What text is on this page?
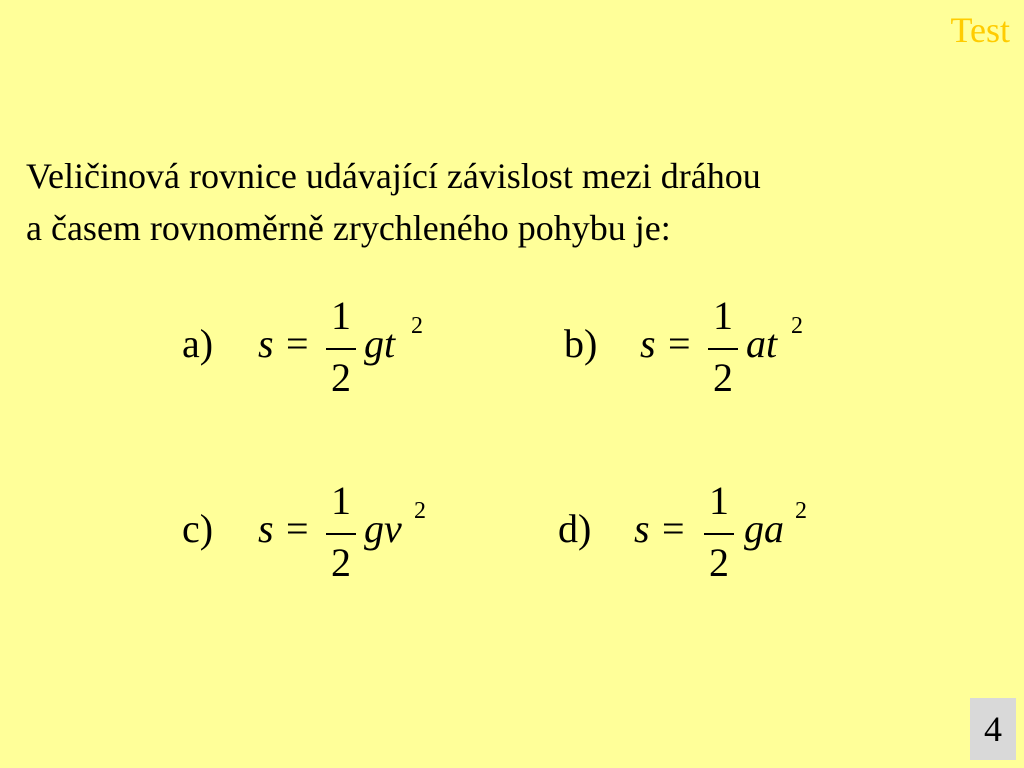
Test

Veličinová rovnice udávající závislost mezi dráhou

a časem rovnoměrně zrychleného pohybu je:

a) s =
1
2
gt 2	b) s =
1
2
at 2
c) s =
1
2
gv 2	d) s =
1
2
ga 2
4
